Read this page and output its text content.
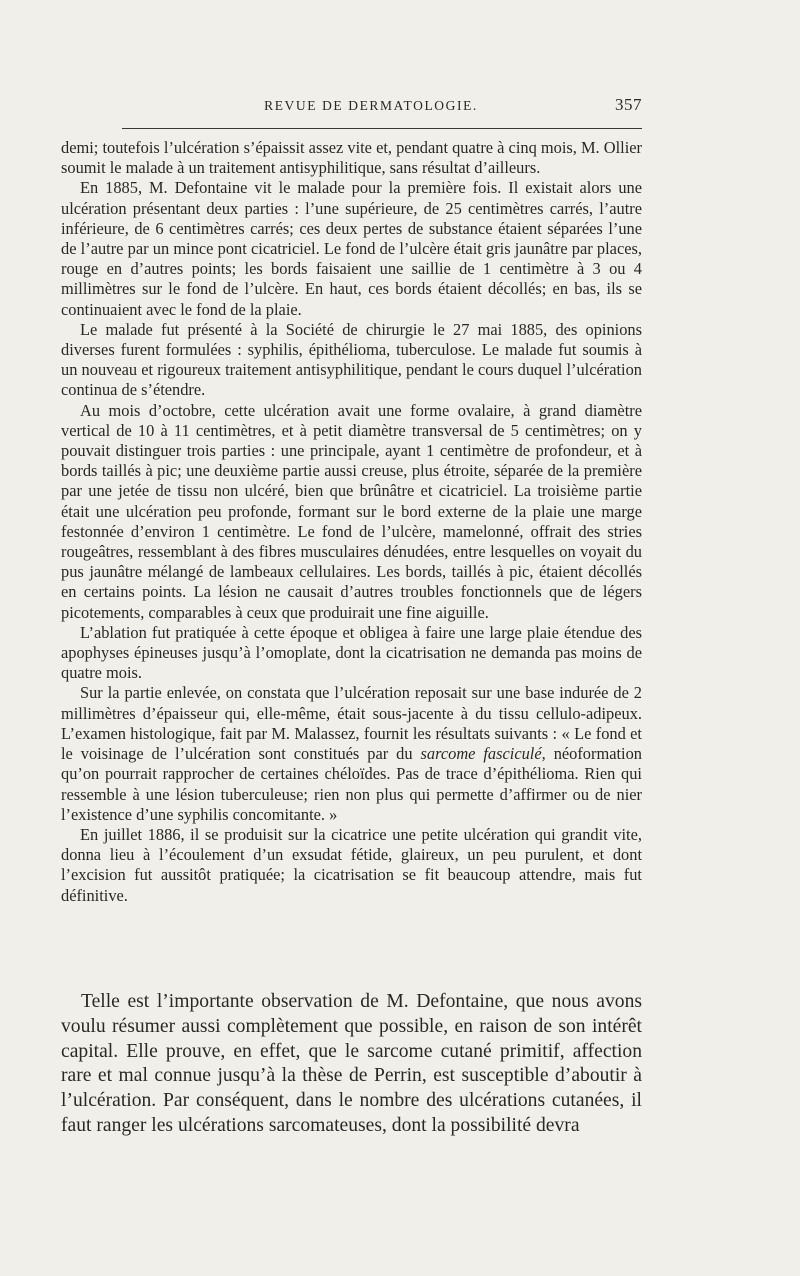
REVUE DE DERMATOLOGIE.	357

demi; toutefois l’ulcération s’épaissit assez vite et, pendant quatre à cinq mois, M. Ollier soumit le malade à un traitement antisyphilitique, sans résultat d’ailleurs.

En 1885, M. Defontaine vit le malade pour la première fois. Il existait alors une ulcération présentant deux parties : l’une supérieure, de 25 centimètres carrés, l’autre inférieure, de 6 centimètres carrés; ces deux pertes de substance étaient séparées l’une de l’autre par un mince pont cicatriciel. Le fond de l’ulcère était gris jaunâtre par places, rouge en d’autres points; les bords faisaient une saillie de 1 centimètre à 3 ou 4 millimètres sur le fond de l’ulcère. En haut, ces bords étaient décollés; en bas, ils se continuaient avec le fond de la plaie.

Le malade fut présenté à la Société de chirurgie le 27 mai 1885, des opinions diverses furent formulées : syphilis, épithélioma, tuberculose. Le malade fut soumis à un nouveau et rigoureux traitement antisyphilitique, pendant le cours duquel l’ulcération continua de s’étendre.

Au mois d’octobre, cette ulcération avait une forme ovalaire, à grand diamètre vertical de 10 à 11 centimètres, et à petit diamètre transversal de 5 centimètres; on y pouvait distinguer trois parties : une principale, ayant 1 centimètre de profondeur, et à bords taillés à pic; une deuxième partie aussi creuse, plus étroite, séparée de la première par une jetée de tissu non ulcéré, bien que brûnâtre et cicatriciel. La troisième partie était une ulcération peu profonde, formant sur le bord externe de la plaie une marge festonnée d’environ 1 centimètre. Le fond de l’ulcère, mamelonné, offrait des stries rougeâtres, ressemblant à des fibres musculaires dénudées, entre lesquelles on voyait du pus jaunâtre mélangé de lambeaux cellulaires. Les bords, taillés à pic, étaient décollés en certains points. La lésion ne causait d’autres troubles fonctionnels que de légers picotements, comparables à ceux que produirait une fine aiguille.

L’ablation fut pratiquée à cette époque et obligea à faire une large plaie étendue des apophyses épineuses jusqu’à l’omoplate, dont la cicatrisation ne demanda pas moins de quatre mois.

Sur la partie enlevée, on constata que l’ulcération reposait sur une base indurée de 2 millimètres d’épaisseur qui, elle-même, était sous-jacente à du tissu cellulo-adipeux. L’examen histologique, fait par M. Malassez, fournit les résultats suivants : « Le fond et le voisinage de l’ulcération sont constitués par du sarcome fasciculé, néoformation qu’on pourrait rapprocher de certaines chéloïdes. Pas de trace d’épithélioma. Rien qui ressemble à une lésion tuberculeuse; rien non plus qui permette d’affirmer ou de nier l’existence d’une syphilis concomitante. »

En juillet 1886, il se produisit sur la cicatrice une petite ulcération qui grandit vite, donna lieu à l’écoulement d’un exsudat fétide, glaireux, un peu purulent, et dont l’excision fut aussitôt pratiquée; la cicatrisation se fit beaucoup attendre, mais fut définitive.

Telle est l’importante observation de M. Defontaine, que nous avons voulu résumer aussi complètement que possible, en raison de son intérêt capital. Elle prouve, en effet, que le sarcome cutané primitif, affection rare et mal connue jusqu’à la thèse de Perrin, est susceptible d’aboutir à l’ulcération. Par conséquent, dans le nombre des ulcérations cutanées, il faut ranger les ulcérations sarcomateuses, dont la possibilité devra
